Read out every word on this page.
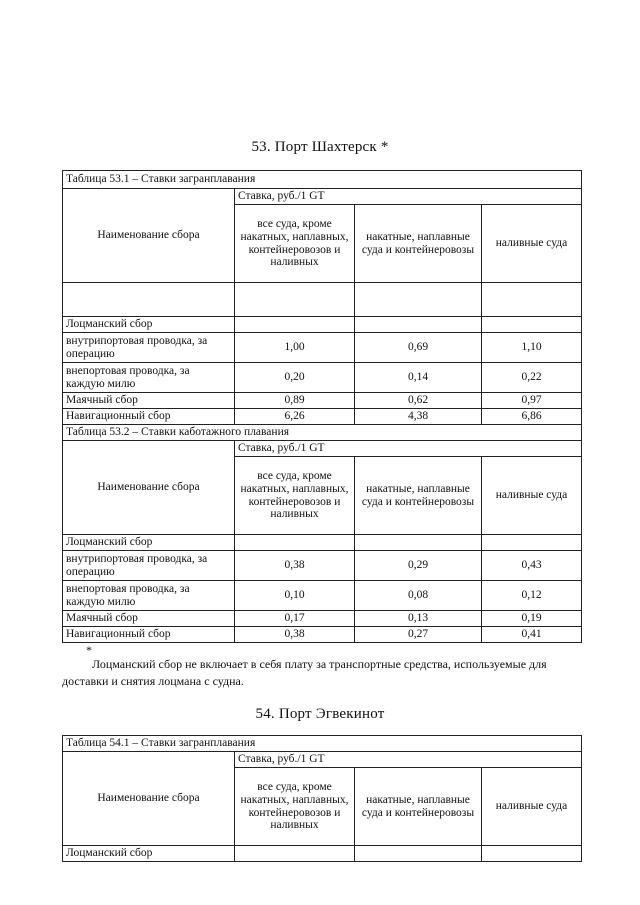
53. Порт Шахтерск *
Таблица 53.1 – Ставки загранплавания			
Наименование сбора	Ставка, руб./1 GT		
	все суда, кроме накатных, наплавных, контейнеровозов и наливных	накатные, наплавные суда и контейнеровозы	наливные суда

Лоцманский сбор			
внутрипортовая проводка, за операцию	1,00	0,69	1,10
внепортовая проводка, за каждую милю	0,20	0,14	0,22
Маячный сбор	0,89	0,62	0,97
Навигационный сбор	6,26	4,38	6,86
Таблица 53.2 – Ставки каботажного плавания			
Наименование сбора	Ставка, руб./1 GT		
	все суда, кроме накатных, наплавных, контейнеровозов и наливных	накатные, наплавные суда и контейнеровозы	наливные суда
Лоцманский сбор			
внутрипортовая проводка, за операцию	0,38	0,29	0,43
внепортовая проводка, за каждую милю	0,10	0,08	0,12
Маячный сбор	0,17	0,13	0,19
Навигационный сбор	0,38	0,27	0,41
*
Лоцманский сбор не включает в себя плату за транспортные средства, используемые для доставки и снятия лоцмана с судна.
54. Порт Эгвекинот
Таблица 54.1 – Ставки загранплавания			
Наименование сбора	Ставка, руб./1 GT		
	все суда, кроме накатных, наплавных, контейнеровозов и наливных	накатные, наплавные суда и контейнеровозы	наливные суда
Лоцманский сбор			
